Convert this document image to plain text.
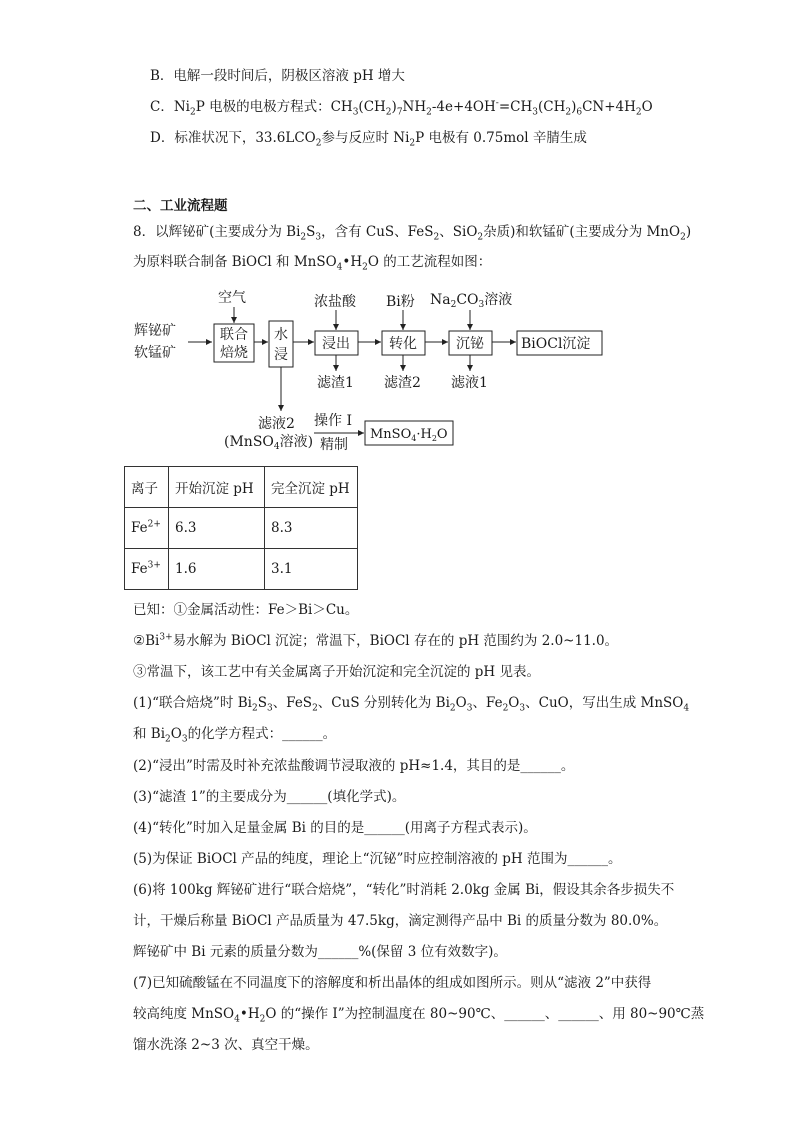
B．电解一段时间后，阴极区溶液 pH 增大
C．$Ni_2P$ 电极的电极方程式：$CH_3(CH_2)_7NH_2-4e+4OH^-=CH_3(CH_2)_6CN+4H_2O$
D．标准状况下，$33.6LCO_2$参与反应时 $Ni_2P$ 电极有 0.75mol 辛腈生成
二、工业流程题
8．以辉铋矿(主要成分为 $Bi_2S_3$，含有 CuS、FeS$_2$、SiO$_2$杂质)和软锰矿(主要成分为 MnO$_2$)
为原料联合制备 BiOCl 和 $MnSO_4•H_2O$ 的工艺流程如图：
辉铋矿
软锰矿
空气
联合
焙烧
水
浸
浓盐酸
浸出
滤渣1
Bi粉
转化
滤渣2
$Na_2CO_3$溶液
沉铋
滤液1
BiOCl沉淀
滤液2
(MnSO$_4$溶液)
操作 I
精制
$MnSO_4\cdot H_2O$
离子	开始沉淀 pH	完全沉淀 pH
$Fe^{2+}$	6.3	8.3
$Fe^{3+}$	1.6	3.1
已知：①金属活动性：Fe＞Bi＞Cu。
$②Bi^{3+}$易水解为 BiOCl 沉淀；常温下，BiOCl 存在的 pH 范围约为 2.0~11.0。
③常温下，该工艺中有关金属离子开始沉淀和完全沉淀的 pH 见表。
(1)“联合焙烧”时 $Bi_2S_3$、FeS$_2$、CuS 分别转化为 $Bi_2O_3$、$Fe_2O_3$、CuO，写出生成 MnSO$_4$
和 $Bi_2O_3$的化学方程式：______。
(2)“浸出”时需及时补充浓盐酸调节浸取液的 pH≈1.4，其目的是______。
(3)“滤渣 1”的主要成分为______(填化学式)。
(4)“转化”时加入足量金属 Bi 的目的是______(用离子方程式表示)。
(5)为保证 BiOCl 产品的纯度，理论上“沉铋”时应控制溶液的 pH 范围为______。
(6)将 100kg 辉铋矿进行“联合焙烧”，“转化”时消耗 2.0kg 金属 Bi，假设其余各步损失不
计，干燥后称量 BiOCl 产品质量为 47.5kg，滴定测得产品中 Bi 的质量分数为 80.0%。
辉铋矿中 Bi 元素的质量分数为______%(保留 3 位有效数字)。
(7)已知硫酸锰在不同温度下的溶解度和析出晶体的组成如图所示。则从“滤液 2”中获得
较高纯度 $MnSO_4•H_2O$ 的“操作 I”为控制温度在 80~90℃、______、______、用 80~90℃蒸
馏水洗涤 2~3 次、真空干燥。
